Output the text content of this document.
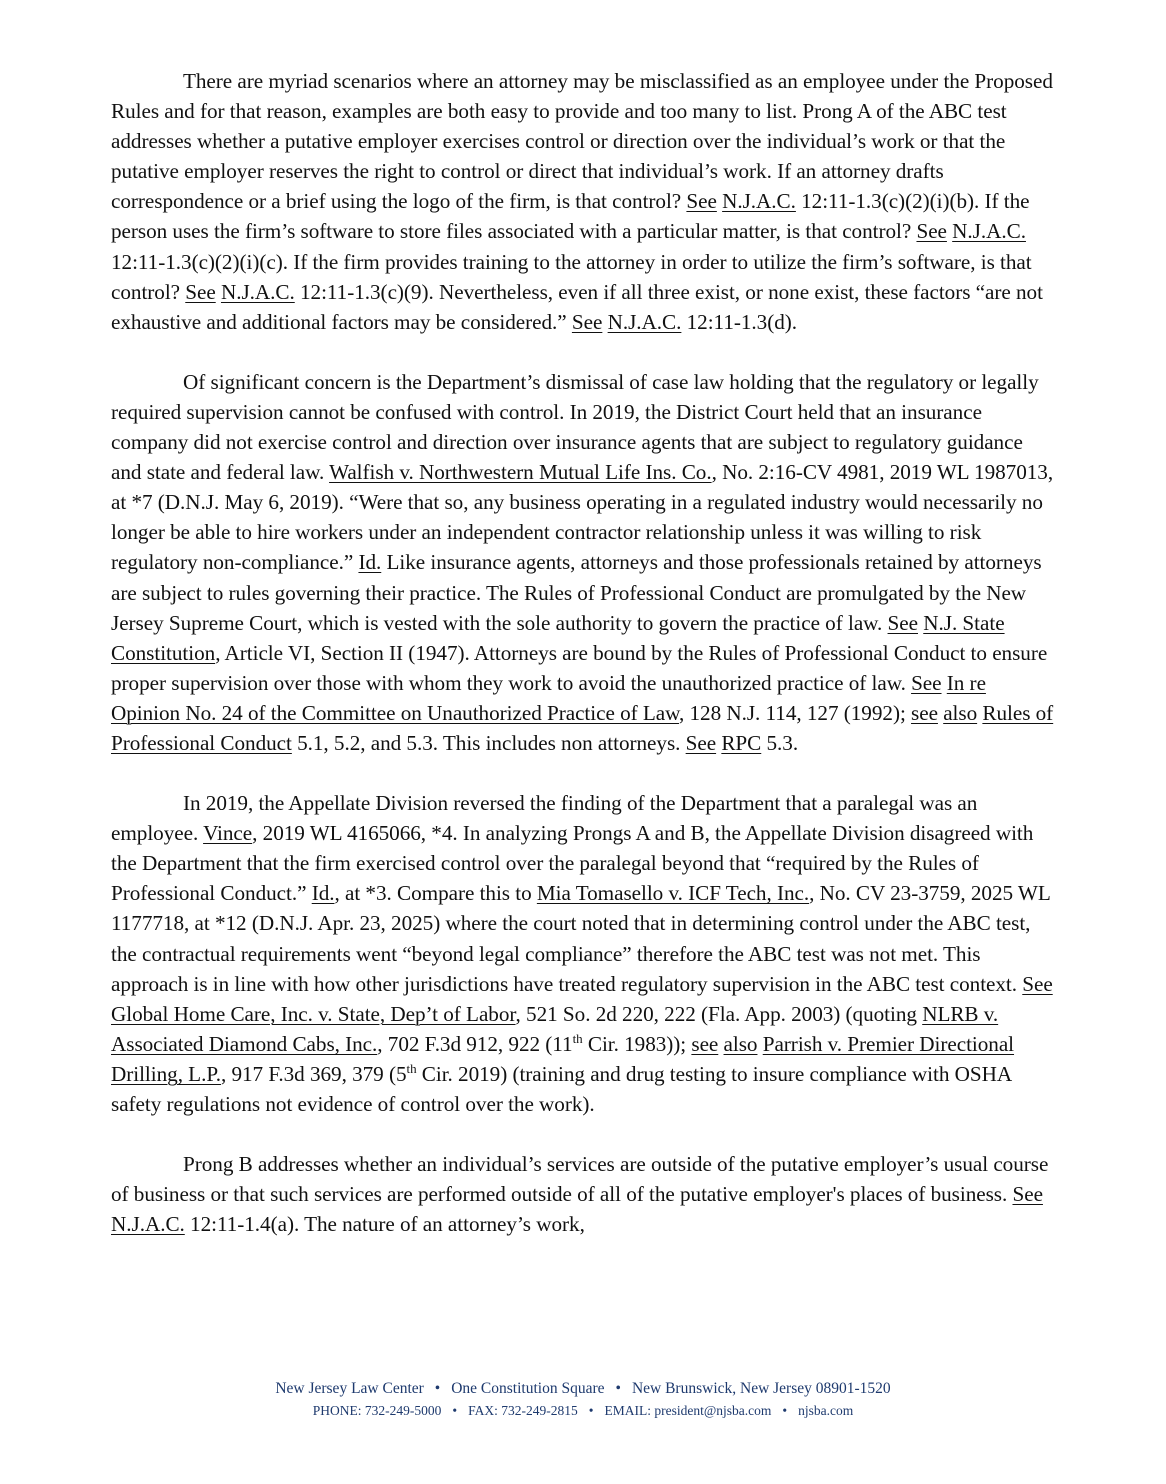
There are myriad scenarios where an attorney may be misclassified as an employee under the Proposed Rules and for that reason, examples are both easy to provide and too many to list. Prong A of the ABC test addresses whether a putative employer exercises control or direction over the individual’s work or that the putative employer reserves the right to control or direct that individual’s work. If an attorney drafts correspondence or a brief using the logo of the firm, is that control? See N.J.A.C. 12:11-1.3(c)(2)(i)(b). If the person uses the firm’s software to store files associated with a particular matter, is that control? See N.J.A.C. 12:11-1.3(c)(2)(i)(c). If the firm provides training to the attorney in order to utilize the firm’s software, is that control? See N.J.A.C. 12:11-1.3(c)(9). Nevertheless, even if all three exist, or none exist, these factors “are not exhaustive and additional factors may be considered.” See N.J.A.C. 12:11-1.3(d).

Of significant concern is the Department’s dismissal of case law holding that the regulatory or legally required supervision cannot be confused with control. In 2019, the District Court held that an insurance company did not exercise control and direction over insurance agents that are subject to regulatory guidance and state and federal law. Walfish v. Northwestern Mutual Life Ins. Co., No. 2:16-CV 4981, 2019 WL 1987013, at *7 (D.N.J. May 6, 2019). “Were that so, any business operating in a regulated industry would necessarily no longer be able to hire workers under an independent contractor relationship unless it was willing to risk regulatory non-compliance.” Id. Like insurance agents, attorneys and those professionals retained by attorneys are subject to rules governing their practice. The Rules of Professional Conduct are promulgated by the New Jersey Supreme Court, which is vested with the sole authority to govern the practice of law. See N.J. State Constitution, Article VI, Section II (1947). Attorneys are bound by the Rules of Professional Conduct to ensure proper supervision over those with whom they work to avoid the unauthorized practice of law. See In re Opinion No. 24 of the Committee on Unauthorized Practice of Law, 128 N.J. 114, 127 (1992); see also Rules of Professional Conduct 5.1, 5.2, and 5.3. This includes non attorneys. See RPC 5.3.

In 2019, the Appellate Division reversed the finding of the Department that a paralegal was an employee. Vince, 2019 WL 4165066, *4. In analyzing Prongs A and B, the Appellate Division disagreed with the Department that the firm exercised control over the paralegal beyond that “required by the Rules of Professional Conduct.” Id., at *3. Compare this to Mia Tomasello v. ICF Tech, Inc., No. CV 23-3759, 2025 WL 1177718, at *12 (D.N.J. Apr. 23, 2025) where the court noted that in determining control under the ABC test, the contractual requirements went “beyond legal compliance” therefore the ABC test was not met. This approach is in line with how other jurisdictions have treated regulatory supervision in the ABC test context. See Global Home Care, Inc. v. State, Dep’t of Labor, 521 So. 2d 220, 222 (Fla. App. 2003) (quoting NLRB v. Associated Diamond Cabs, Inc., 702 F.3d 912, 922 (11th Cir. 1983)); see also Parrish v. Premier Directional Drilling, L.P., 917 F.3d 369, 379 (5th Cir. 2019) (training and drug testing to insure compliance with OSHA safety regulations not evidence of control over the work).

Prong B addresses whether an individual’s services are outside of the putative employer’s usual course of business or that such services are performed outside of all of the putative employer's places of business. See N.J.A.C. 12:11-1.4(a). The nature of an attorney’s work,

New Jersey Law Center • One Constitution Square • New Brunswick, New Jersey 08901-1520
PHONE: 732-249-5000 • FAX: 732-249-2815 • EMAIL: president@njsba.com • njsba.com
